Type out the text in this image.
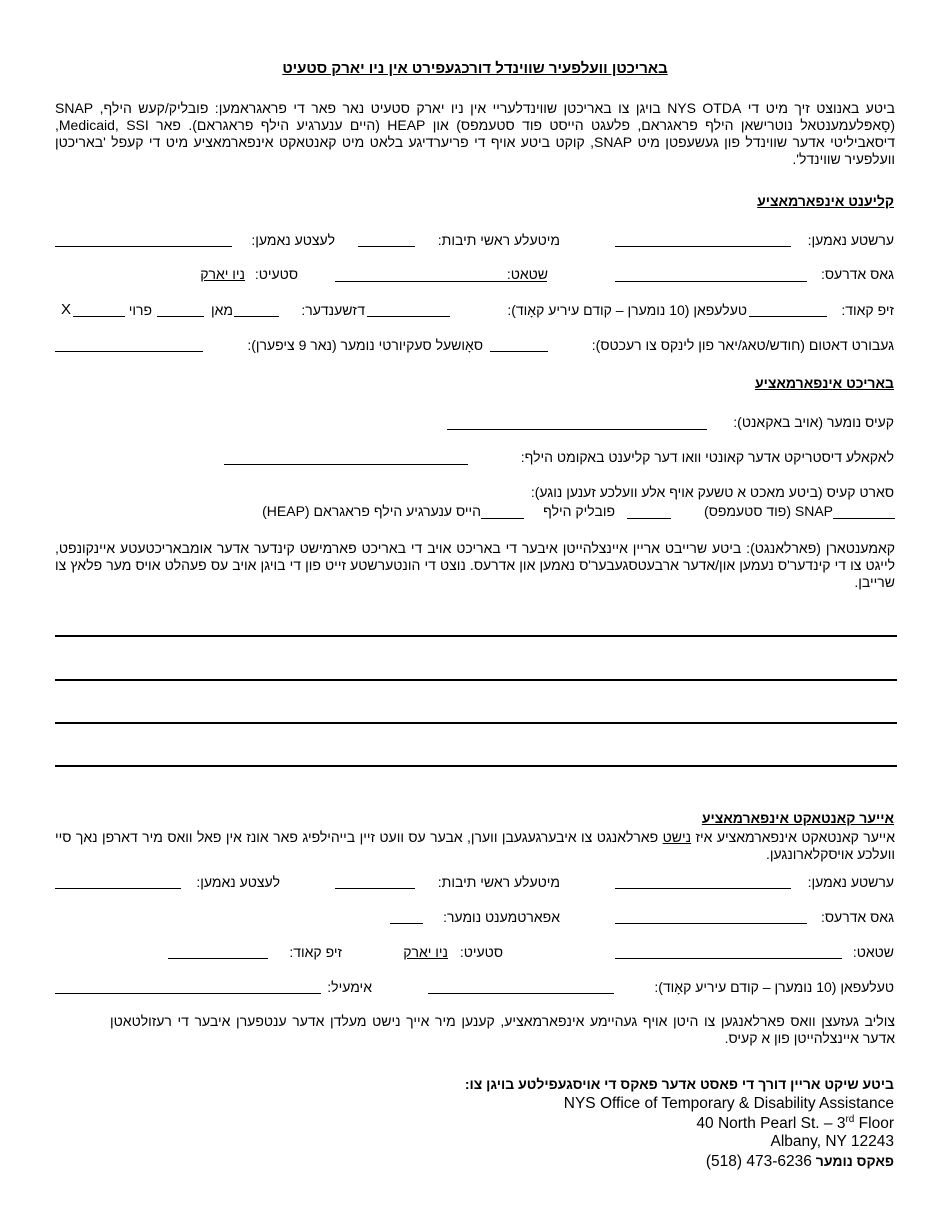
באריכטן וועלפעיר שווינדל דורכגעפירט אין ניו יארק סטעיט
ביטע באנוצט זיך מיט די NYS OTDA בויגן צו באריכטן שווינדלעריי אין ניו יארק סטעיט נאר פאר די פראגראמען: פובליק/קעש הילף, SNAP (סָאפּלעמענטאל נוטרישאן הילף פראגראם, פלעגט הייסט פוד סטעמפס) און HEAP (היים ענערגיע הילף פראגראם). פאר Medicaid, SSI, דיסאביליטי אדער שווינדל פון געשעפטן מיט SNAP, קוקט ביטע אויף די פריערדיגע בלאט מיט קאנטאקט אינפארמאציע מיט די קעפל 'באריכטן וועלפעיר שווינדל'.
קליענט אינפארמאציע
ערשטע נאמען:
מיטעלע ראשי תיבות:
לעצטע נאמען:
גאס אדרעס:
שטאט:
סטעיט:
ניו יארק
זיפ קאוד:
טעלעפאן (10 נומערן – קודם עיריע קאָוד):
דזשענדער:
מאן
פרוי
X
געבורט דאטום (חודש/טאג/יאר פון לינקס צו רעכטס):
סאָושעל סעקיורטי נומער (נאר 9 ציפערן):
באריכט אינפארמאציע
קעיס נומער (אויב באקאנט):
לאקאלע דיסטריקט אדער קאונטי וואו דער קליענט באקומט הילף:
סארט קעיס (ביטע מאכט א טשעק אויף אלע וועלכע זענען נוגע):
SNAP (פוד סטעמפס)
פובליק הילף
הייס ענערגיע הילף פראגראם (HEAP)
קאמענטארן (פארלאנגט): ביטע שרייבט אריין איינצלהייטן איבער די באריכט אויב די באריכט פארמישט קינדער אדער אומבאריכטעטע איינקונפט, לייגט צו די קינדער'ס נעמען און/אדער ארבעטסגעבער'ס נאמען און אדרעס. נוצט די הונטערשטע זייט פון די בויגן אויב עס פעהלט אויס מער פלאץ צו שרייבן.
אייער קאנטאקט אינפארמאציע
אייער קאנטאקט אינפארמאציע איז נישט פארלאנגט צו איבערגעגעבן ווערן, אבער עס וועט זיין בייהילפיג פאר אונז אין פאל וואס מיר דארפן נאך סיי וועלכע אויסקלארונגען.
ערשטע נאמען:
מיטעלע ראשי תיבות:
לעצטע נאמען:
גאס אדרעס:
אפארטמענט נומער:
שטאט:
סטעיט:
ניו יארק
זיפ קאוד:
טעלעפאן (10 נומערן – קודם עיריע קאָוד):
אימעיל:
צוליב געזעצן וואס פארלאנגען צו היטן אויף געהיימע אינפארמאציע, קענען מיר אייך נישט מעלדן אדער ענטפערן איבער די רעזולטאטן אדער איינצלהייטן פון א קעיס.
ביטע שיקט אריין דורך די פאסט אדער פאקס די אויסגעפילטע בויגן צו:
NYS Office of Temporary & Disability Assistance
40 North Pearl St. – 3rd Floor
Albany, NY 12243
פאקס נומער (518) 473-6236
